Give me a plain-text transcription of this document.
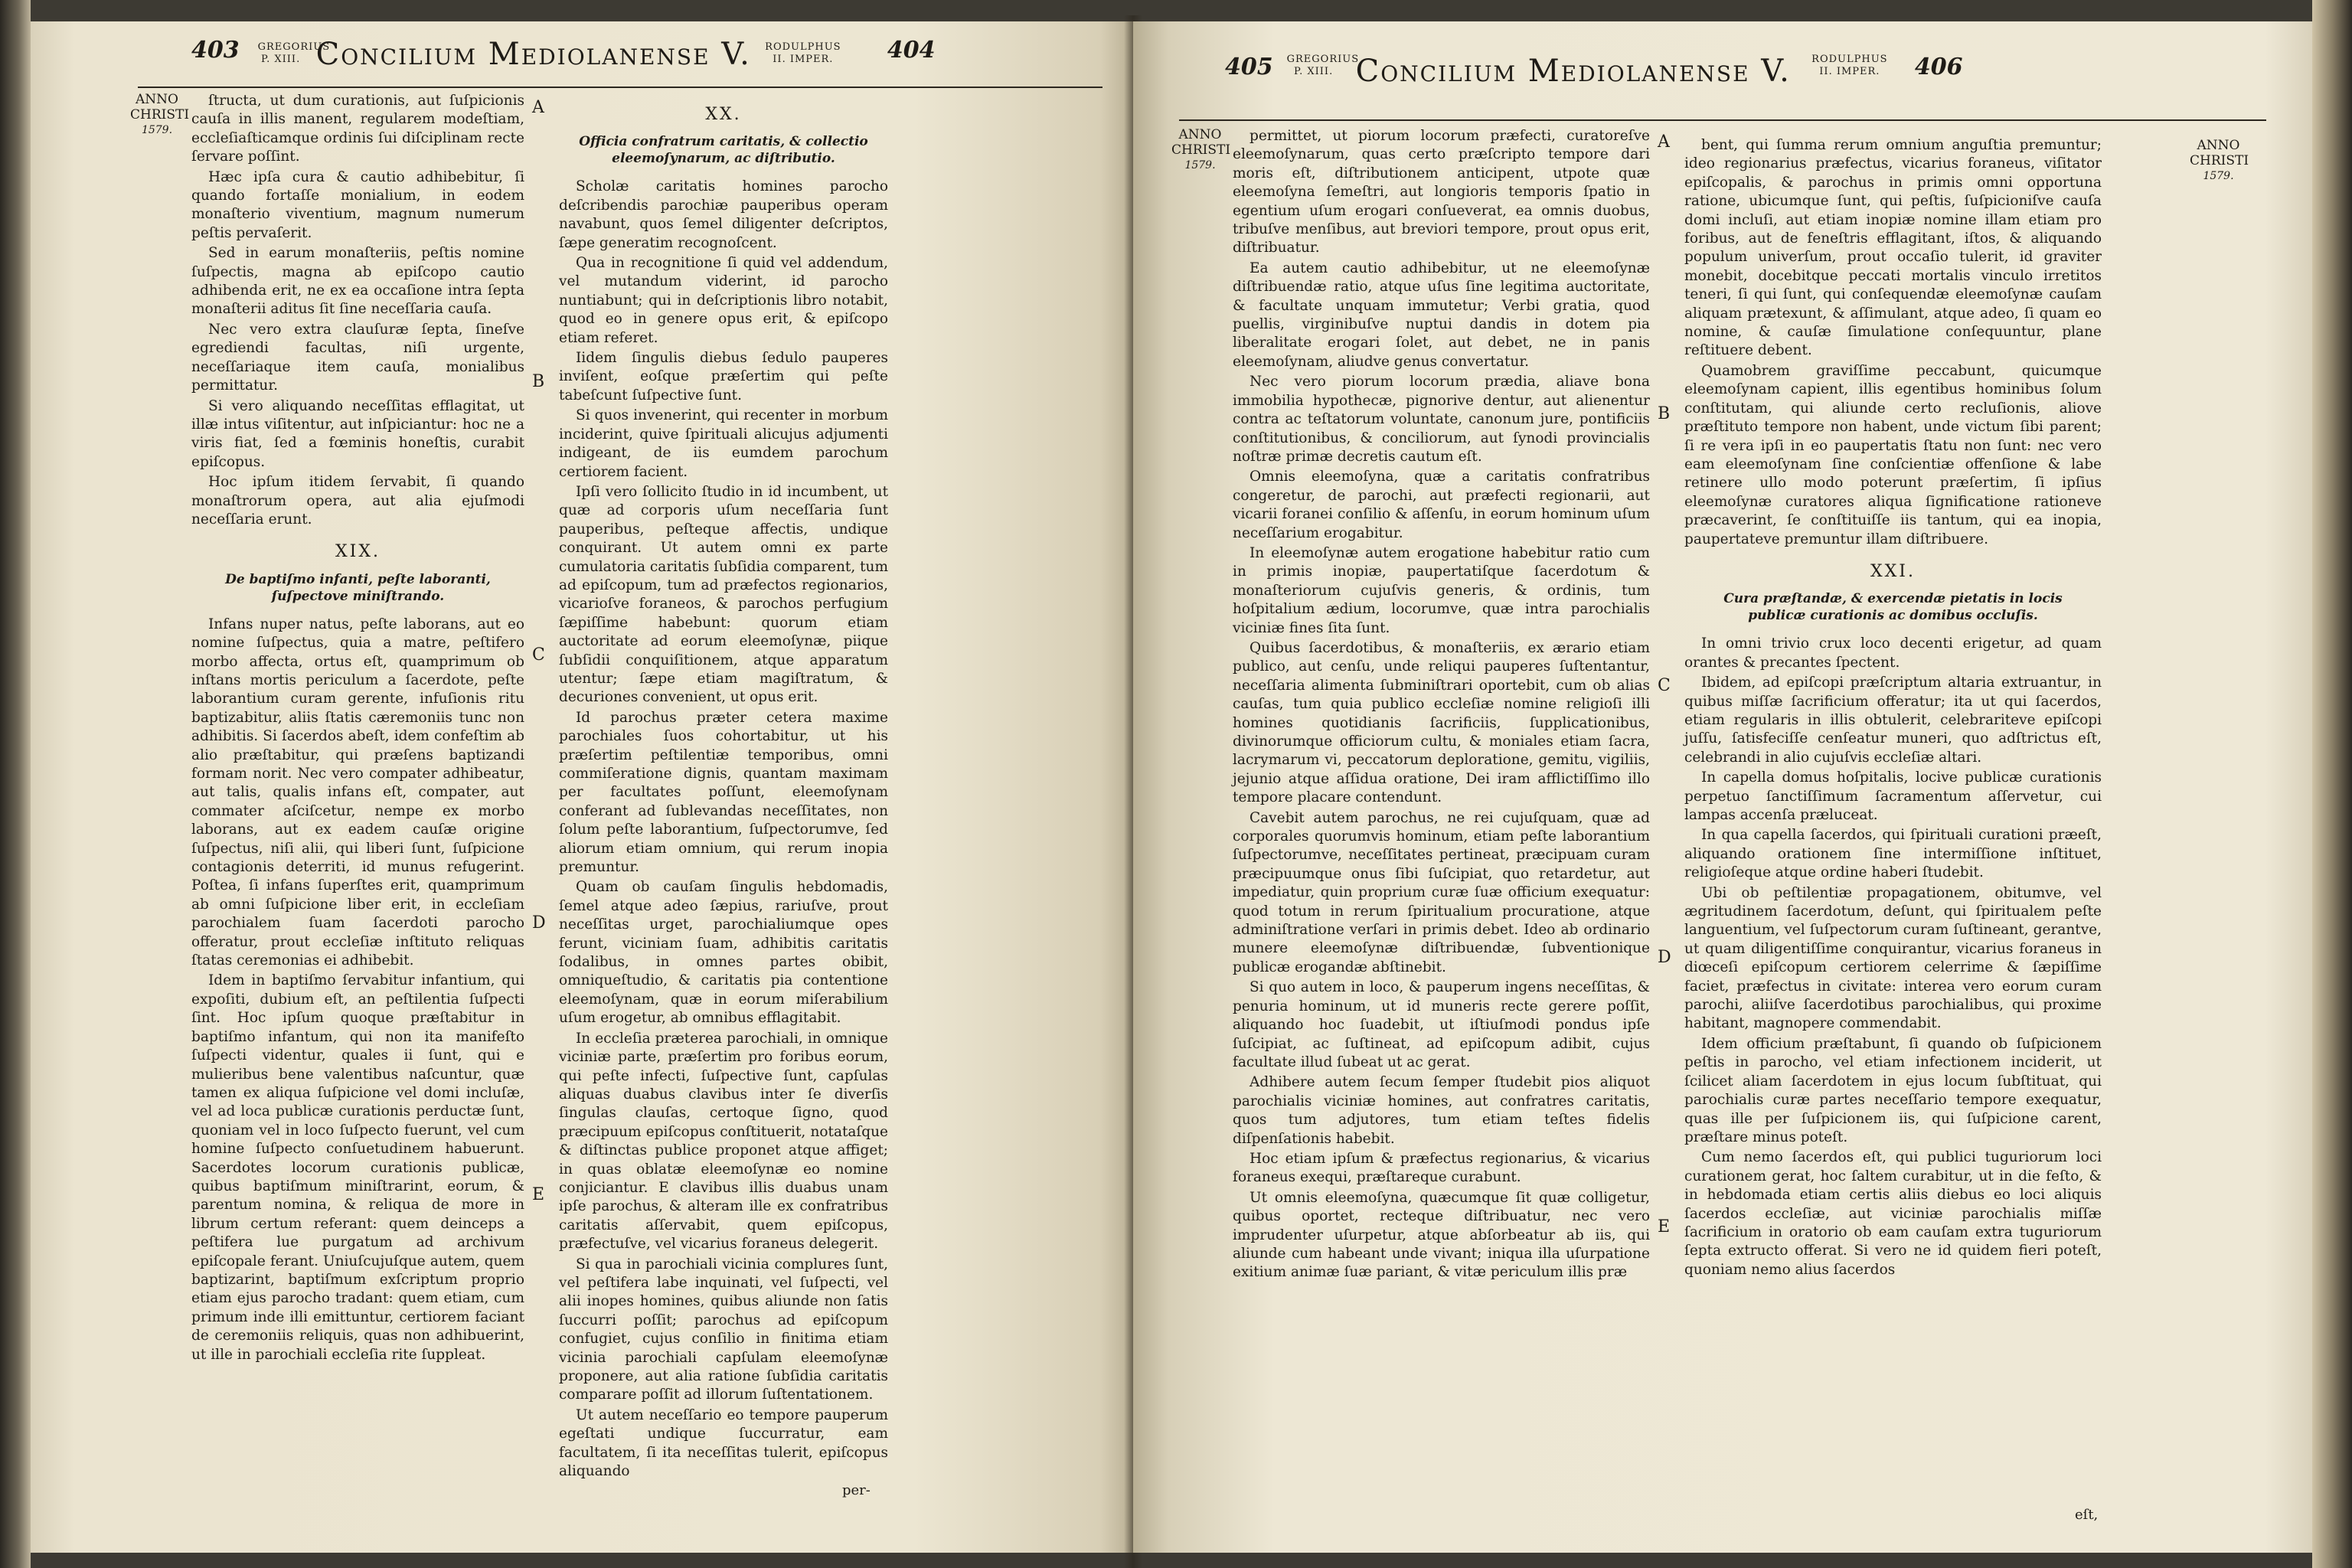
403 GREGORIUS P. XIII. Concilium Mediolanense V. RODULPHUS II. IMPER.	404
ANNO
CHRISTI
1579.

ſtructa, ut dum curationis, aut ſuſpicionis cauſa in illis manent, regularem modeſtiam, eccleſiaſticamque ordinis ſui diſciplinam recte ſervare poſſint.

Hæc ipſa cura & cautio adhibebitur, ſi quando fortaſſe monialium, in eodem monaſterio viventium, magnum numerum peſtis pervaſerit.

Sed in earum monaſteriis, peſtis nomine ſuſpectis, magna ab epiſcopo cautio adhibenda erit, ne ex ea occaſione intra ſepta monaſterii aditus ſit ſine neceſſaria cauſa.

Nec vero extra clauſuræ ſepta, ſineſve egrediendi facultas, niſi urgente, neceſſariaque item cauſa, monialibus permittatur.

Si vero aliquando neceſſitas efflagitat, ut illæ intus viſitentur, aut inſpiciantur: hoc ne a viris fiat, ſed a fœminis honeſtis, curabit epiſcopus.

Hoc ipſum itidem ſervabit, ſi quando monaſtrorum opera, aut alia ejuſmodi neceſſaria erunt.

XIX.
De baptiſmo infanti, peſte laboranti, ſuſpectove miniſtrando.

Infans nuper natus, peſte laborans, aut eo nomine ſuſpectus, quia a matre, peſtifero morbo affecta, ortus eſt, quamprimum ob inſtans mortis periculum a ſacerdote, peſte laborantium curam gerente, infuſionis ritu baptizabitur, aliis ſtatis cæremoniis tunc non adhibitis. Si ſacerdos abeſt, idem confeſtim ab alio præſtabitur, qui præſens baptizandi formam norit. Nec vero compater adhibeatur, aut talis, qualis infans eſt, compater, aut commater aſciſcetur, nempe ex morbo laborans, aut ex eadem cauſæ origine ſuſpectus, niſi alii, qui liberi ſunt, ſuſpicione contagionis deterriti, id munus refugerint. Poſtea, ſi infans ſuperſtes erit, quamprimum ab omni ſuſpicione liber erit, in eccleſiam parochialem ſuam ſacerdoti parocho offeratur, prout eccleſiæ inſtituto reliquas ſtatas ceremonias ei adhibebit.

Idem in baptiſmo ſervabitur infantium, qui expoſiti, dubium eſt, an peſtilentia ſuſpecti ſint. Hoc ipſum quoque præſtabitur in baptiſmo infantum, qui non ita manifeſto ſuſpecti videntur, quales ii ſunt, qui e mulieribus bene valentibus naſcuntur, quæ tamen ex aliqua ſuſpicione vel domi incluſæ, vel ad loca publicæ curationis perductæ ſunt, quoniam vel in loco ſuſpecto fuerunt, vel cum homine ſuſpecto conſuetudinem habuerunt. Sacerdotes locorum curationis publicæ, quibus baptiſmum miniſtrarint, eorum, & parentum nomina, & reliqua de more in librum certum referant: quem deinceps a peſtifera lue purgatum ad archivum epiſcopale ferant. Uniuſcujuſque autem, quem baptizarint, baptiſmum exſcriptum proprio etiam ejus parocho tradant: quem etiam, cum primum inde illi emittuntur, certiorem faciant de ceremoniis reliquis, quas non adhibuerint, ut ille in parochiali eccleſia rite ſuppleat.

A
B
C
D
E
XX.
Officia confratrum caritatis, & collectio eleemoſynarum, ac diſtributio.

Scholæ caritatis homines parocho deſcribendis parochiæ pauperibus operam navabunt, quos ſemel diligenter deſcriptos, ſæpe generatim recognoſcent.

Qua in recognitione ſi quid vel addendum, vel mutandum viderint, id parocho nuntiabunt; qui in deſcriptionis libro notabit, quod eo in genere opus erit, & epiſcopo etiam referet.

Iidem ſingulis diebus ſedulo pauperes inviſent, eoſque præſertim qui peſte tabeſcunt ſuſpective ſunt.

Si quos invenerint, qui recenter in morbum inciderint, quive ſpirituali alicujus adjumenti indigeant, de iis eumdem parochum certiorem facient.

Ipſi vero ſollicito ſtudio in id incumbent, ut quæ ad corporis uſum neceſſaria ſunt pauperibus, peſteque affectis, undique conquirant. Ut autem omni ex parte cumulatoria caritatis ſubſidia comparent, tum ad epiſcopum, tum ad præfectos regionarios, vicarioſve foraneos, & parochos perfugium ſæpiſſime habebunt: quorum etiam auctoritate ad eorum eleemoſynæ, piique ſubſidii conquiſitionem, atque apparatum utentur; ſæpe etiam magiſtratum, & decuriones convenient, ut opus erit.

Id parochus præter cetera maxime parochiales ſuos cohortabitur, ut his præſertim peſtilentiæ temporibus, omni commiſeratione dignis, quantam maximam per facultates poſſunt, eleemoſynam conferant ad ſublevandas neceſſitates, non ſolum peſte laborantium, ſuſpectorumve, ſed aliorum etiam omnium, qui rerum inopia premuntur.

Quam ob cauſam ſingulis hebdomadis, ſemel atque adeo ſæpius, rariuſve, prout neceſſitas urget, parochialiumque opes ferunt, viciniam ſuam, adhibitis caritatis ſodalibus, in omnes partes obibit, omniqueſtudio, & caritatis pia contentione eleemoſynam, quæ in eorum miſerabilium uſum erogetur, ab omnibus efflagitabit.

In eccleſia præterea parochiali, in omnique viciniæ parte, præſertim pro foribus eorum, qui peſte infecti, ſuſpective ſunt, capſulas aliquas duabus clavibus inter ſe diverſis ſingulas clauſas, certoque ſigno, quod præcipuum epiſcopus conſtituerit, notataſque & diſtinctas publice proponet atque affiget; in quas oblatæ eleemoſynæ eo nomine conjiciantur. E clavibus illis duabus unam ipſe parochus, & alteram ille ex confratribus caritatis aſſervabit, quem epiſcopus, præfectuſve, vel vicarius foraneus delegerit.

Si qua in parochiali vicinia complures ſunt, vel peſtifera labe inquinati, vel ſuſpecti, vel alii inopes homines, quibus aliunde non ſatis ſuccurri poſſit; parochus ad epiſcopum confugiet, cujus conſilio in finitima etiam vicinia parochiali capſulam eleemoſynæ proponere, aut alia ratione ſubſidia caritatis comparare poſſit ad illorum ſuſtentationem.

Ut autem neceſſario eo tempore pauperum egeſtati undique ſuccurratur, eam facultatem, ſi ita neceſſitas tulerit, epiſcopus aliquando

per-
405 GREGORIUS P. XIII. Concilium Mediolanense V.	RODULPHUS II. IMPER.	406
ANNO
CHRISTI
1579.
ANNO
CHRISTI
1579.

permittet, ut piorum locorum præfecti, curatoreſve eleemoſynarum, quas certo præſcripto tempore dari moris eſt, diſtributionem anticipent, utpote quæ eleemoſyna ſemeſtri, aut longioris temporis ſpatio in egentium uſum erogari conſueverat, ea omnis duobus, tribuſve menſibus, aut breviori tempore, prout opus erit, diſtribuatur.

Ea autem cautio adhibebitur, ut ne eleemoſynæ diſtribuendæ ratio, atque uſus ſine legitima auctoritate, & facultate unquam immutetur; Verbi gratia, quod puellis, virginibuſve nuptui dandis in dotem pia liberalitate erogari ſolet, aut debet, ne in panis eleemoſynam, aliudve genus convertatur.

Nec vero piorum locorum prædia, aliave bona immobilia hypothecæ, pignorive dentur, aut alienentur contra ac teſtatorum voluntate, canonum jure, pontificiis conſtitutionibus, & conciliorum, aut ſynodi provincialis noſtræ primæ decretis cautum eſt.

Omnis eleemoſyna, quæ a caritatis confratribus congeretur, de parochi, aut præfecti regionarii, aut vicarii foranei conſilio & aſſenſu, in eorum hominum uſum neceſſarium erogabitur.

In eleemoſynæ autem erogatione habebitur ratio cum in primis inopiæ, paupertatiſque ſacerdotum & monaſteriorum cujuſvis generis, & ordinis, tum hoſpitalium ædium, locorumve, quæ intra parochialis viciniæ fines ſita ſunt.

Quibus ſacerdotibus, & monaſteriis, ex ærario etiam publico, aut cenſu, unde reliqui pauperes ſuſtentantur, neceſſaria alimenta ſubminiſtrari oportebit, cum ob alias cauſas, tum quia publico eccleſiæ nomine religioſi illi homines quotidianis ſacrificiis, ſupplicationibus, divinorumque officiorum cultu, & moniales etiam ſacra, lacrymarum vi, peccatorum deploratione, gemitu, vigiliis, jejunio atque aſſidua oratione, Dei iram afflictiſſimo illo tempore placare contendunt.

Cavebit autem parochus, ne rei cujuſquam, quæ ad corporales quorumvis hominum, etiam peſte laborantium ſuſpectorumve, neceſſitates pertineat, præcipuam curam præcipuumque onus ſibi ſuſcipiat, quo retardetur, aut impediatur, quin proprium curæ ſuæ officium exequatur: quod totum in rerum ſpiritualium procuratione, atque adminiſtratione verſari in primis debet. Ideo ab ordinario munere eleemoſynæ diſtribuendæ, ſubventionique publicæ erogandæ abſtinebit.

Si quo autem in loco, & pauperum ingens neceſſitas, & penuria hominum, ut id muneris recte gerere poſſit, aliquando hoc ſuadebit, ut iſtiuſmodi pondus ipſe ſuſcipiat, ac ſuſtineat, ad epiſcopum adibit, cujus facultate illud ſubeat ut ac gerat.

Adhibere autem ſecum ſemper ſtudebit pios aliquot parochialis viciniæ homines, aut confratres caritatis, quos tum adjutores, tum etiam teſtes fidelis diſpenſationis habebit.

Hoc etiam ipſum & præfectus regionarius, & vicarius foraneus exequi, præſtareque curabunt.

Ut omnis eleemoſyna, quæcumque ſit quæ colligetur, quibus oportet, recteque diſtribuatur, nec vero imprudenter uſurpetur, atque abſorbeatur ab iis, qui aliunde cum habeant unde vivant; iniqua illa uſurpatione exitium animæ ſuæ pariant, & vitæ periculum illis præ

A
B
C
D
E

bent, qui ſumma rerum omnium anguſtia premuntur; ideo regionarius præfectus, vicarius foraneus, viſitator epiſcopalis, & parochus in primis omni opportuna ratione, ubicumque ſunt, qui peſtis, ſuſpicioniſve cauſa domi incluſi, aut etiam inopiæ nomine illam etiam pro foribus, aut de feneſtris efflagitant, iſtos, & aliquando populum univerſum, prout occaſio tulerit, id graviter monebit, docebitque peccati mortalis vinculo irretitos teneri, ſi qui ſunt, qui conſequendæ eleemoſynæ cauſam aliquam prætexunt, & aſſimulant, atque adeo, ſi quam eo nomine, & cauſæ ſimulatione conſequuntur, plane reſtituere debent.

Quamobrem graviſſime peccabunt, quicumque eleemoſynam capient, illis egentibus hominibus ſolum conſtitutam, qui aliunde certo recluſionis, aliove præſtituto tempore non habent, unde victum ſibi parent; ſi re vera ipſi in eo paupertatis ſtatu non ſunt: nec vero eam eleemoſynam ſine conſcientiæ offenſione & labe retinere ullo modo poterunt præſertim, ſi ipſius eleemoſynæ curatores aliqua ſignificatione rationeve præcaverint, ſe conſtituiſſe iis tantum, qui ea inopia, paupertateve premuntur illam diſtribuere.

XXI.
Cura præſtandæ, & exercendæ pietatis in locis publicæ curationis ac domibus occluſis.

In omni trivio crux loco decenti erigetur, ad quam orantes & precantes ſpectent.

Ibidem, ad epiſcopi præſcriptum altaria extruantur, in quibus miſſæ ſacrificium offeratur; ita ut qui ſacerdos, etiam regularis in illis obtulerit, celebrariteve epiſcopi juſſu, ſatisfeciſſe cenſeatur muneri, quo adſtrictus eſt, celebrandi in alio cujuſvis eccleſiæ altari.

In capella domus hoſpitalis, locive publicæ curationis perpetuo ſanctiſſimum ſacramentum aſſervetur, cui lampas accenſa præluceat.

In qua capella ſacerdos, qui ſpirituali curationi præeſt, aliquando orationem ſine intermiſſione inſtituet, religioſeque atque ordine haberi ſtudebit.

Ubi ob peſtilentiæ propagationem, obitumve, vel ægritudinem ſacerdotum, deſunt, qui ſpiritualem peſte languentium, vel ſuſpectorum curam ſuſtineant, gerantve, ut quam diligentiſſime conquirantur, vicarius foraneus in diœceſi epiſcopum certiorem celerrime & ſæpiſſime faciet, præfectus in civitate: interea vero eorum curam parochi, aliiſve ſacerdotibus parochialibus, qui proxime habitant, magnopere commendabit.

Idem officium præſtabunt, ſi quando ob ſuſpicionem peſtis in parocho, vel etiam infectionem inciderit, ut ſcilicet aliam ſacerdotem in ejus locum ſubſtituat, qui parochialis curæ partes neceſſario tempore exequatur, quas ille per ſuſpicionem iis, qui ſuſpicione carent, præſtare minus poteſt.

Cum nemo ſacerdos eſt, qui publici tuguriorum loci curationem gerat, hoc ſaltem curabitur, ut in die feſto, & in hebdomada etiam certis aliis diebus eo loci aliquis ſacerdos eccleſiæ, aut viciniæ parochialis miſſæ ſacrificium in oratorio ob eam cauſam extra tuguriorum ſepta extructo offerat. Si vero ne id quidem fieri poteſt, quoniam nemo alius ſacerdos

eſt,
